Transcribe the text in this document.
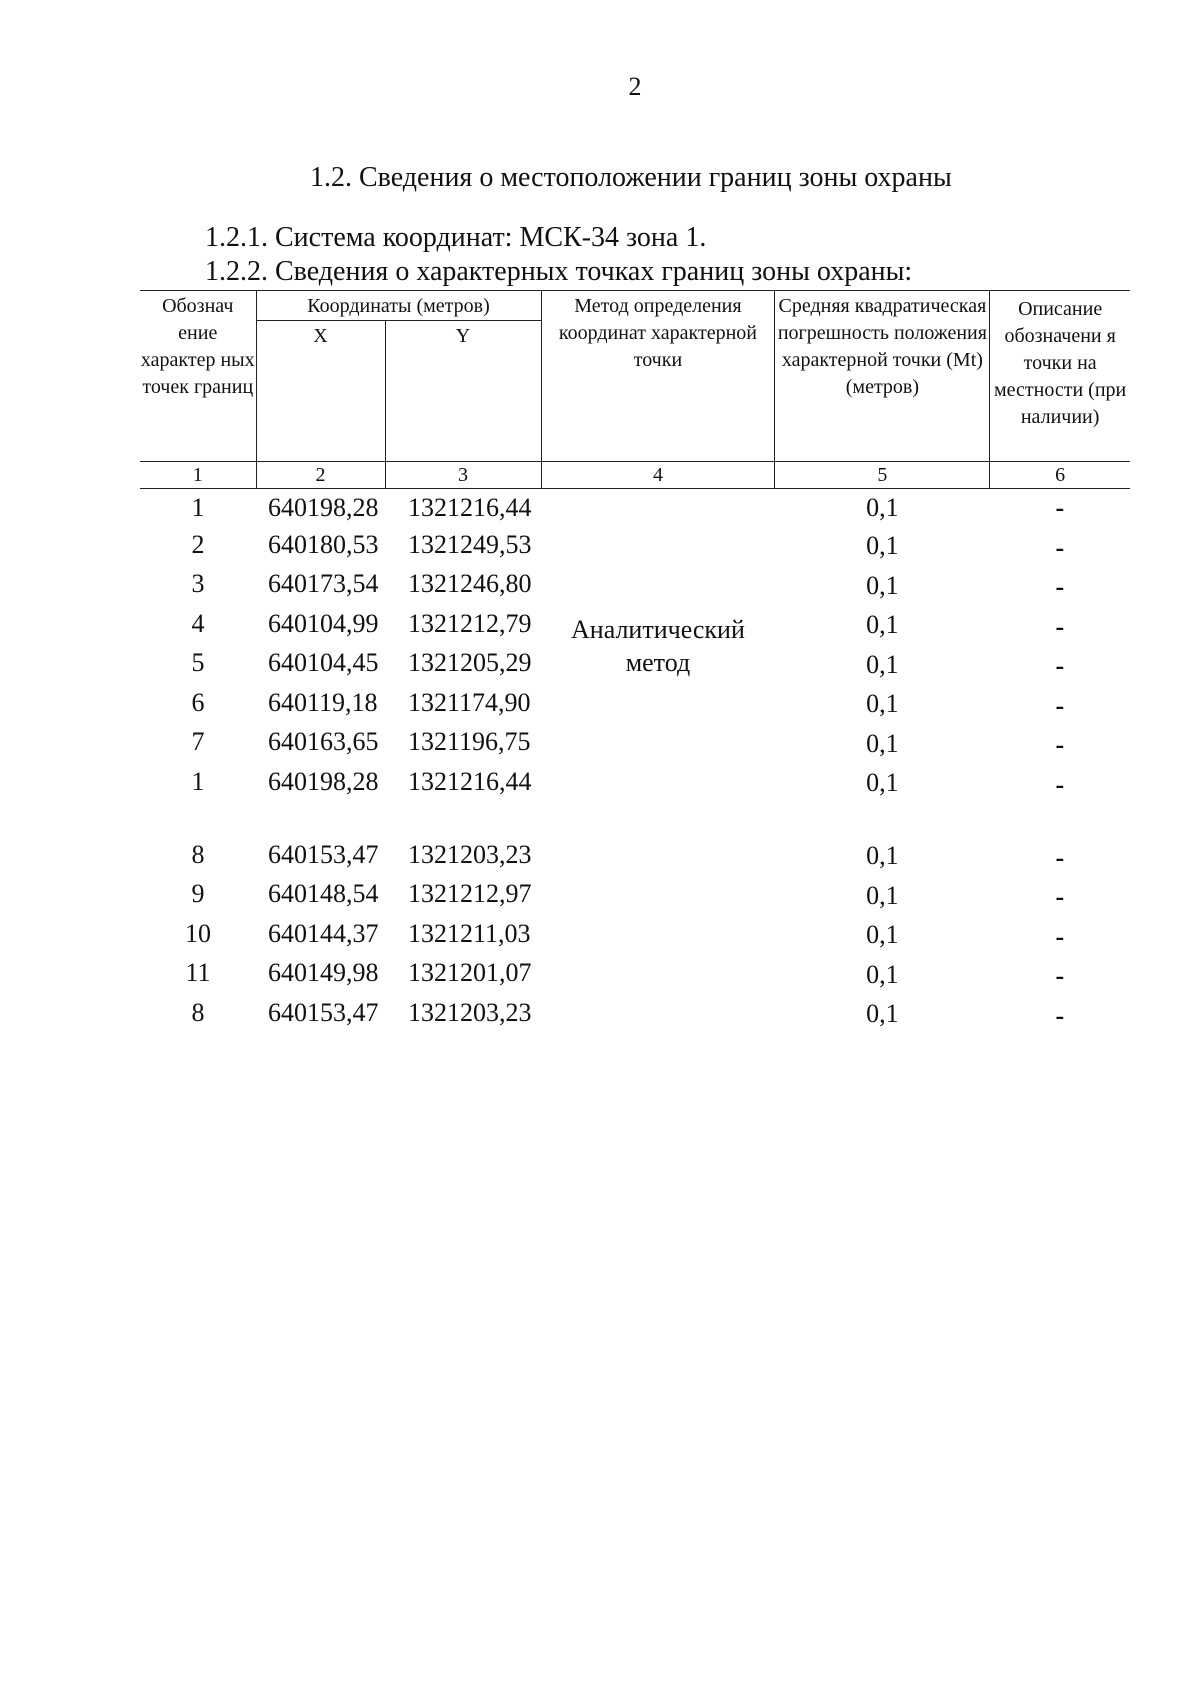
2
1.2. Сведения о местоположении границ зоны охраны
1.2.1. Система координат: МСК-34 зона 1.
1.2.2. Сведения о характерных точках границ зоны охраны:
Обознач ение характер ных точек границ	Координаты (метров)		Метод определения координат характерной точки	Средняя квадратическая погрешность положения характерной точки (Мt) (метров)	Описание обозначени я точки на местности (при наличии)
	X	Y			
1	2	3	4	5	6
1	640198,28	1321216,44	Аналитический метод	0,1	-
2	640180,53	1321249,53		0,1	-
3	640173,54	1321246,80		0,1	-
4	640104,99	1321212,79		0,1	-
5	640104,45	1321205,29		0,1	-
6	640119,18	1321174,90		0,1	-
7	640163,65	1321196,75		0,1	-
1	640198,28	1321216,44		0,1	-

8	640153,47	1321203,23		0,1	-
9	640148,54	1321212,97		0,1	-
10	640144,37	1321211,03		0,1	-
11	640149,98	1321201,07		0,1	-
8	640153,47	1321203,23		0,1	-
